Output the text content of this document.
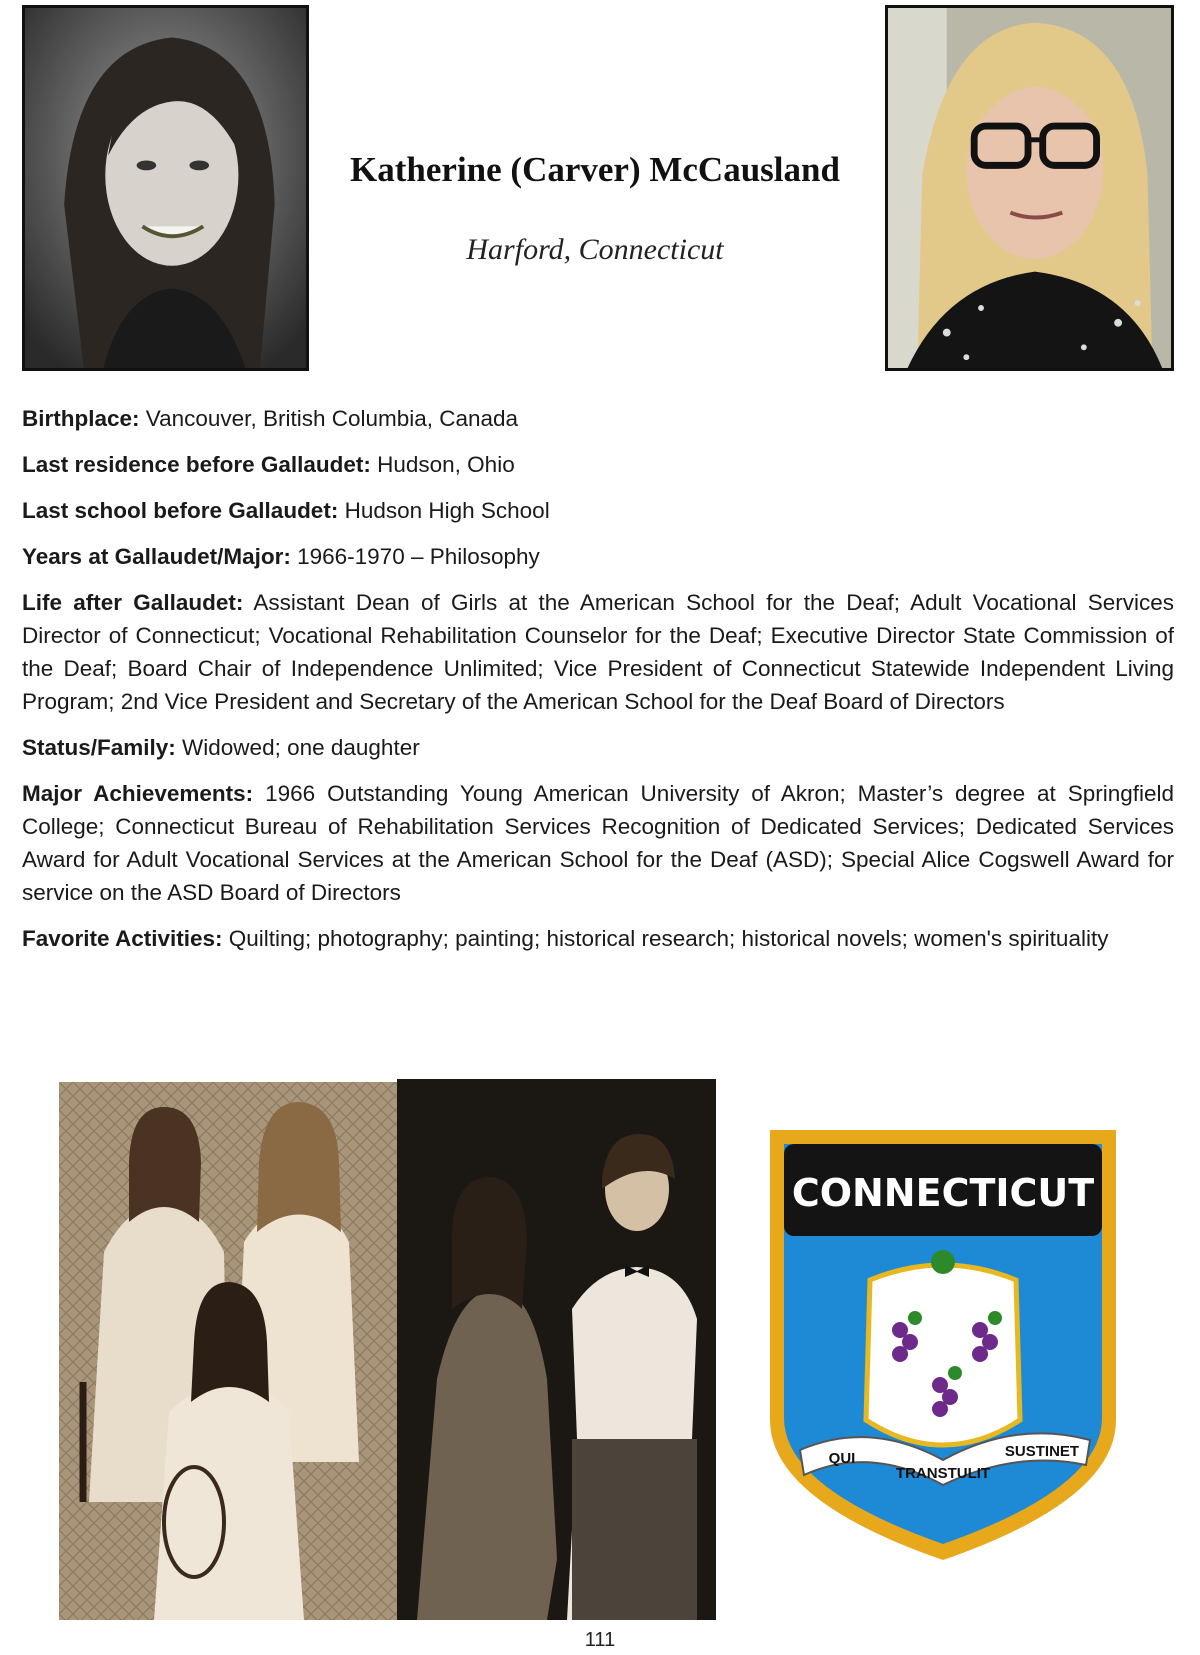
Katherine (Carver) McCausland
Harford, Connecticut

Birthplace: Vancouver, British Columbia, Canada

Last residence before Gallaudet: Hudson, Ohio

Last school before Gallaudet: Hudson High School

Years at Gallaudet/Major: 1966-1970 – Philosophy

Life after Gallaudet: Assistant Dean of Girls at the American School for the Deaf; Adult Vocational Services Director of Connecticut; Vocational Rehabilitation Counselor for the Deaf; Executive Director State Commission of the Deaf; Board Chair of Independence Unlimited; Vice President of Connecticut Statewide Independent Living Program; 2nd Vice President and Secretary of the American School for the Deaf Board of Directors

Status/Family: Widowed; one daughter

Major Achievements: 1966 Outstanding Young American University of Akron; Master’s degree at Springfield College; Connecticut Bureau of Rehabilitation Services Recognition of Dedicated Services; Dedicated Services Award for Adult Vocational Services at the American School for the Deaf (ASD); Special Alice Cogswell Award for service on the ASD Board of Directors

Favorite Activities: Quilting; photography; painting; historical research; historical novels; women's spirituality

CONNECTICUT
QUI
TRANSTULIT
SUSTINET
111
